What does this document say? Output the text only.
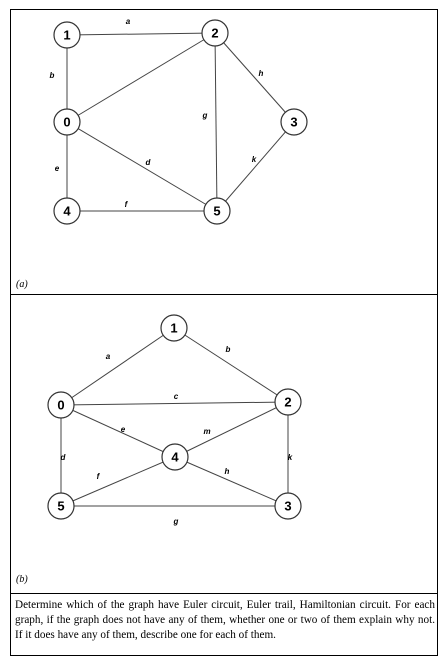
a
b
g
h
d
e
f
k
1	2
0	3
4	5
(a)
a
b
c
d
e
f
g
h
k
m
1
0	2
4
5	3
(b)
Determine which of the graph have Euler circuit, Euler trail, Hamiltonian circuit. For each graph, if the graph does not have any of them, whether one or two of them explain why not. If it does have any of them, describe one for each of them.
